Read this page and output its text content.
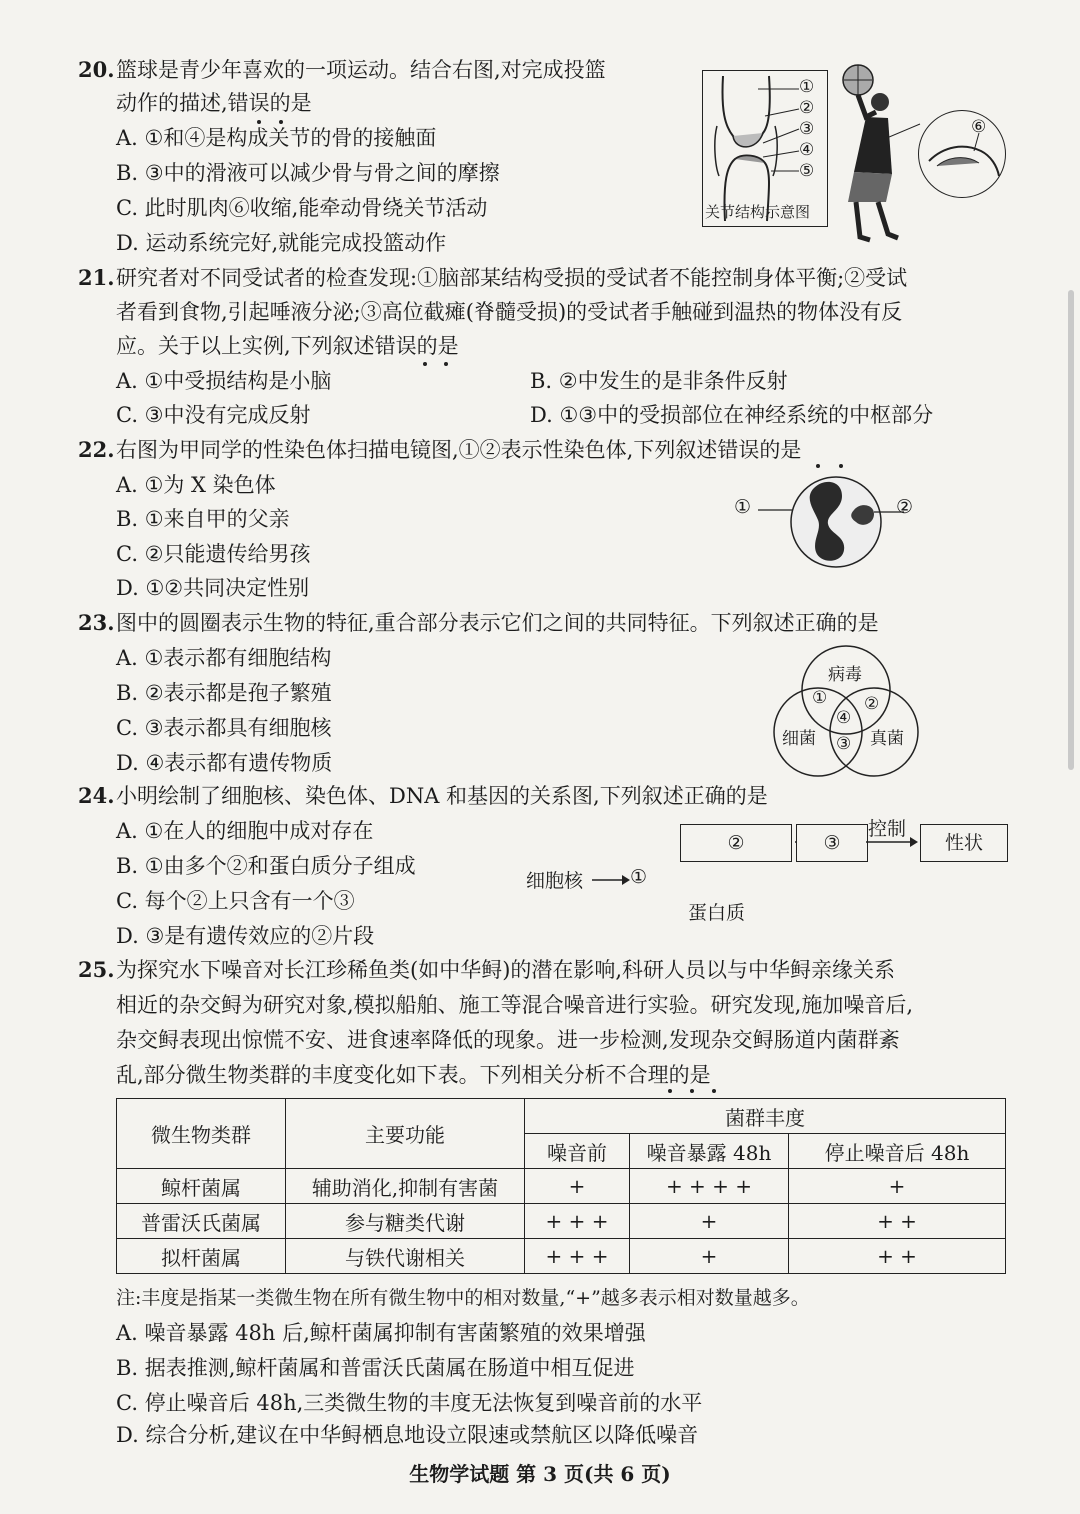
20. 篮球是青少年喜欢的一项运动。结合右图,对完成投篮
动作的描述,错误的是
A. ①和④是构成关节的骨的接触面
B. ③中的滑液可以减少骨与骨之间的摩擦
C. 此时肌肉⑥收缩,能牵动骨绕关节活动
D. 运动系统完好,就能完成投篮动作
①
②
③
④
⑤
关节结构示意图
⑥
21. 研究者对不同受试者的检查发现:①脑部某结构受损的受试者不能控制身体平衡;②受试
者看到食物,引起唾液分泌;③高位截瘫(脊髓受损)的受试者手触碰到温热的物体没有反
应。关于以上实例,下列叙述错误的是
A. ①中受损结构是小脑	B. ②中发生的是非条件反射
C. ③中没有完成反射	D. ①③中的受损部位在神经系统的中枢部分
22. 右图为甲同学的性染色体扫描电镜图,①②表示性染色体,下列叙述错误的是
A. ①为 X 染色体
B. ①来自甲的父亲
C. ②只能遗传给男孩
D. ①②共同决定性别
①	②
23. 图中的圆圈表示生物的特征,重合部分表示它们之间的共同特征。下列叙述正确的是
A. ①表示都有细胞结构
B. ②表示都是孢子繁殖
C. ③表示都具有细胞核
D. ④表示都有遗传物质
病毒
细菌	真菌
① ②
③
④
24. 小明绘制了细胞核、染色体、DNA 和基因的关系图,下列叙述正确的是
A. ①在人的细胞中成对存在
B. ①由多个②和蛋白质分子组成
C. 每个②上只含有一个③
D. ③是有遗传效应的②片段
②	③
控制
性状
细胞核 ①
蛋白质
25. 为探究水下噪音对长江珍稀鱼类(如中华鲟)的潜在影响,科研人员以与中华鲟亲缘关系
相近的杂交鲟为研究对象,模拟船舶、施工等混合噪音进行实验。研究发现,施加噪音后,
杂交鲟表现出惊慌不安、进食速率降低的现象。进一步检测,发现杂交鲟肠道内菌群紊
乱,部分微生物类群的丰度变化如下表。下列相关分析不合理的是
微生物类群	主要功能	菌群丰度		
		噪音前	噪音暴露 48h	停止噪音后 48h
鲸杆菌属	辅助消化,抑制有害菌	+	+ + + +	+
普雷沃氏菌属	参与糖类代谢	+ + +	+	+ +
拟杆菌属	与铁代谢相关	+ + +	+	+ +
注:丰度是指某一类微生物在所有微生物中的相对数量,“+”越多表示相对数量越多。
A. 噪音暴露 48h 后,鲸杆菌属抑制有害菌繁殖的效果增强
B. 据表推测,鲸杆菌属和普雷沃氏菌属在肠道中相互促进
C. 停止噪音后 48h,三类微生物的丰度无法恢复到噪音前的水平
D. 综合分析,建议在中华鲟栖息地设立限速或禁航区以降低噪音
生物学试题 第 3 页(共 6 页)
